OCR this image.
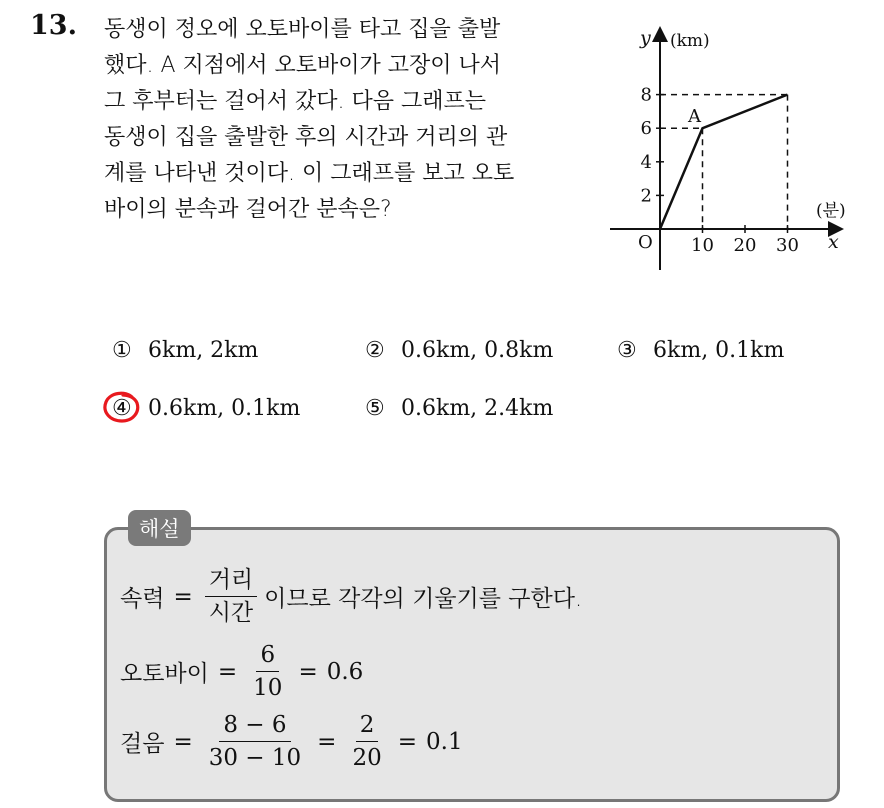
13. 동생이 정오에 오토바이를 타고 집을 출발
했다. A 지점에서 오토바이가 고장이 나서
그 후부터는 걸어서 갔다. 다음 그래프는
동생이 집을 출발한 후의 시간과 거리의 관
계를 나타낸 것이다. 이 그래프를 보고 오토
바이의 분속과 걸어간 분속은?
2
4
6
8
10 20 30
A
O	x
y (km)
(분)
① 6km, 2km	② 0.6km, 0.8km	③ 6km, 0.1km
④ 0.6km, 0.1km	⑤ 0.6km, 2.4km
해설
속력 = $\frac{\text{거리}}{\text{시간}}$ 이므로 각각의 기울기를 구한다.
오토바이 = $\frac{6}{10} = 0.6$
걸음 = $\frac{8 - 6}{30 - 10} = \frac{2}{20} = 0.1$
